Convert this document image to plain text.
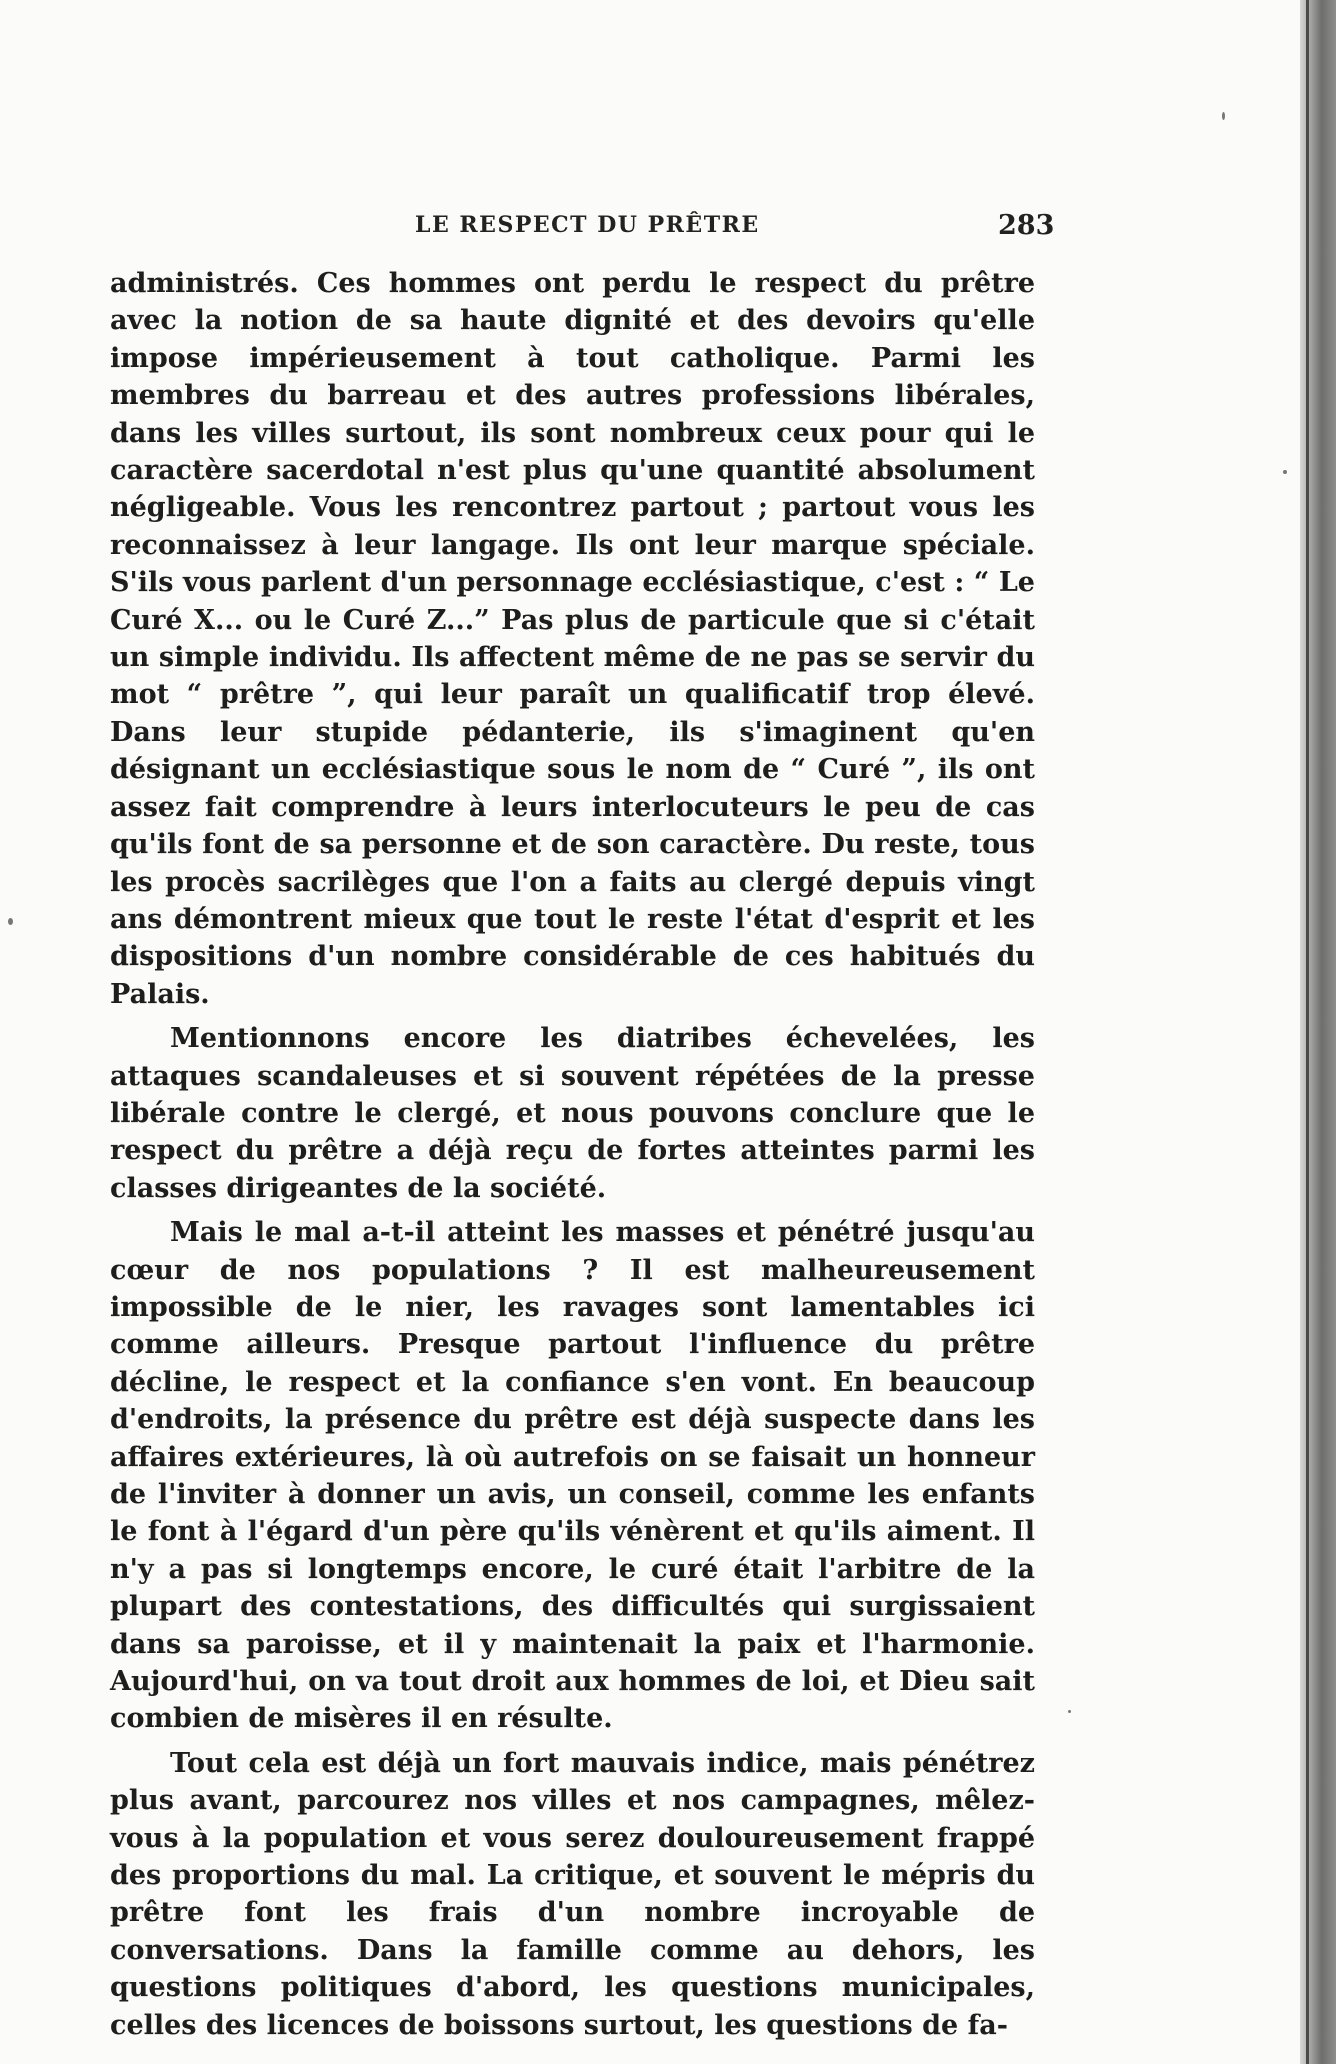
LE RESPECT DU PRÊTRE	283

administrés. Ces hommes ont perdu le respect du prêtre avec la notion de sa haute dignité et des devoirs qu'elle impose impérieusement à tout catholique. Parmi les membres du barreau et des autres professions libérales, dans les villes surtout, ils sont nombreux ceux pour qui le caractère sacerdotal n'est plus qu'une quantité absolument négligeable. Vous les rencontrez partout ; partout vous les reconnaissez à leur langage. Ils ont leur marque spéciale. S'ils vous parlent d'un personnage ecclésiastique, c'est : “ Le Curé X... ou le Curé Z...” Pas plus de particule que si c'était un simple individu. Ils affectent même de ne pas se servir du mot “ prêtre ”, qui leur paraît un qualificatif trop élevé. Dans leur stupide pédanterie, ils s'imaginent qu'en désignant un ecclésiastique sous le nom de “ Curé ”, ils ont assez fait comprendre à leurs interlocuteurs le peu de cas qu'ils font de sa personne et de son caractère. Du reste, tous les procès sacrilèges que l'on a faits au clergé depuis vingt ans démontrent mieux que tout le reste l'état d'esprit et les dispositions d'un nombre considérable de ces habitués du Palais.

Mentionnons encore les diatribes échevelées, les attaques scandaleuses et si souvent répétées de la presse libérale contre le clergé, et nous pouvons conclure que le respect du prêtre a déjà reçu de fortes atteintes parmi les classes dirigeantes de la société.

Mais le mal a-t-il atteint les masses et pénétré jusqu'au cœur de nos populations ? Il est malheureusement impossible de le nier, les ravages sont lamentables ici comme ailleurs. Presque partout l'influence du prêtre décline, le respect et la confiance s'en vont. En beaucoup d'endroits, la présence du prêtre est déjà suspecte dans les affaires extérieures, là où autrefois on se faisait un honneur de l'inviter à donner un avis, un conseil, comme les enfants le font à l'égard d'un père qu'ils vénèrent et qu'ils aiment. Il n'y a pas si longtemps encore, le curé était l'arbitre de la plupart des contestations, des difficultés qui surgissaient dans sa paroisse, et il y maintenait la paix et l'harmonie. Aujourd'hui, on va tout droit aux hommes de loi, et Dieu sait combien de misères il en résulte.

Tout cela est déjà un fort mauvais indice, mais pénétrez plus avant, parcourez nos villes et nos campagnes, mêlez-vous à la population et vous serez douloureusement frappé des proportions du mal. La critique, et souvent le mépris du prêtre font les frais d'un nombre incroyable de conversations. Dans la famille comme au dehors, les questions politiques d'abord, les questions municipales, celles des licences de boissons surtout, les questions de fa-
